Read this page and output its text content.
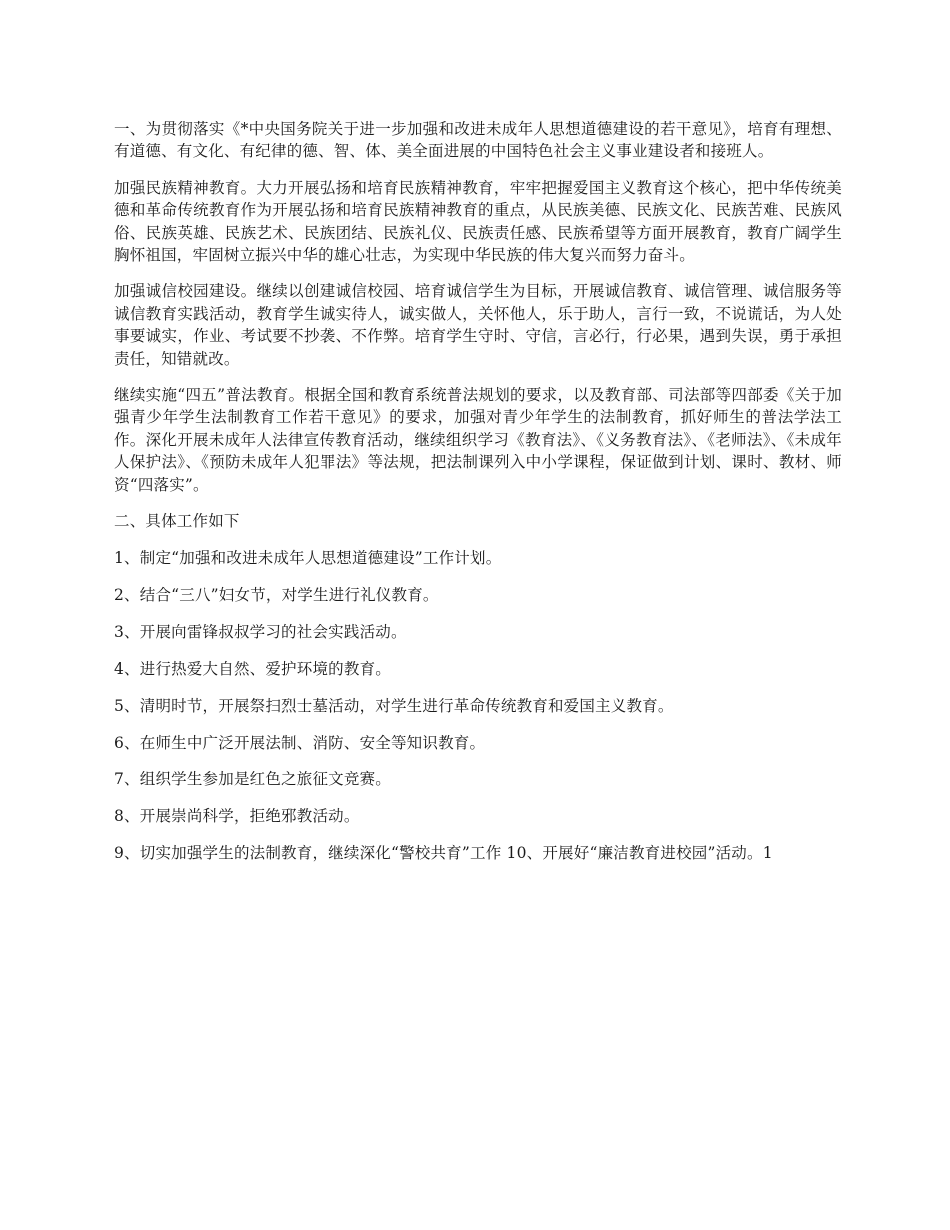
一、为贯彻落实《*中央国务院关于进一步加强和改进未成年人思想道德建设的若干意见》，培育有理想、有道德、有文化、有纪律的德、智、体、美全面进展的中国特色社会主义事业建设者和接班人。

加强民族精神教育。大力开展弘扬和培育民族精神教育，牢牢把握爱国主义教育这个核心，把中华传统美德和革命传统教育作为开展弘扬和培育民族精神教育的重点，从民族美德、民族文化、民族苦难、民族风俗、民族英雄、民族艺术、民族团结、民族礼仪、民族责任感、民族希望等方面开展教育，教育广阔学生胸怀祖国，牢固树立振兴中华的雄心壮志，为实现中华民族的伟大复兴而努力奋斗。

加强诚信校园建设。继续以创建诚信校园、培育诚信学生为目标，开展诚信教育、诚信管理、诚信服务等诚信教育实践活动，教育学生诚实待人，诚实做人，关怀他人，乐于助人，言行一致，不说谎话，为人处事要诚实，作业、考试要不抄袭、不作弊。培育学生守时、守信，言必行，行必果，遇到失误，勇于承担责任，知错就改。

继续实施“四五”普法教育。根据全国和教育系统普法规划的要求，以及教育部、司法部等四部委《关于加强青少年学生法制教育工作若干意见》的要求，加强对青少年学生的法制教育，抓好师生的普法学法工作。深化开展未成年人法律宣传教育活动，继续组织学习《教育法》、《义务教育法》、《老师法》、《未成年人保护法》、《预防未成年人犯罪法》等法规，把法制课列入中小学课程，保证做到计划、课时、教材、师资“四落实”。

二、具体工作如下

1、制定“加强和改进未成年人思想道德建设”工作计划。

2、结合“三八”妇女节，对学生进行礼仪教育。

3、开展向雷锋叔叔学习的社会实践活动。

4、进行热爱大自然、爱护环境的教育。

5、清明时节，开展祭扫烈士墓活动，对学生进行革命传统教育和爱国主义教育。

6、在师生中广泛开展法制、消防、安全等知识教育。

7、组织学生参加是红色之旅征文竞赛。

8、开展崇尚科学，拒绝邪教活动。

9、切实加强学生的法制教育，继续深化“警校共育”工作 10、开展好“廉洁教育进校园”活动。1
